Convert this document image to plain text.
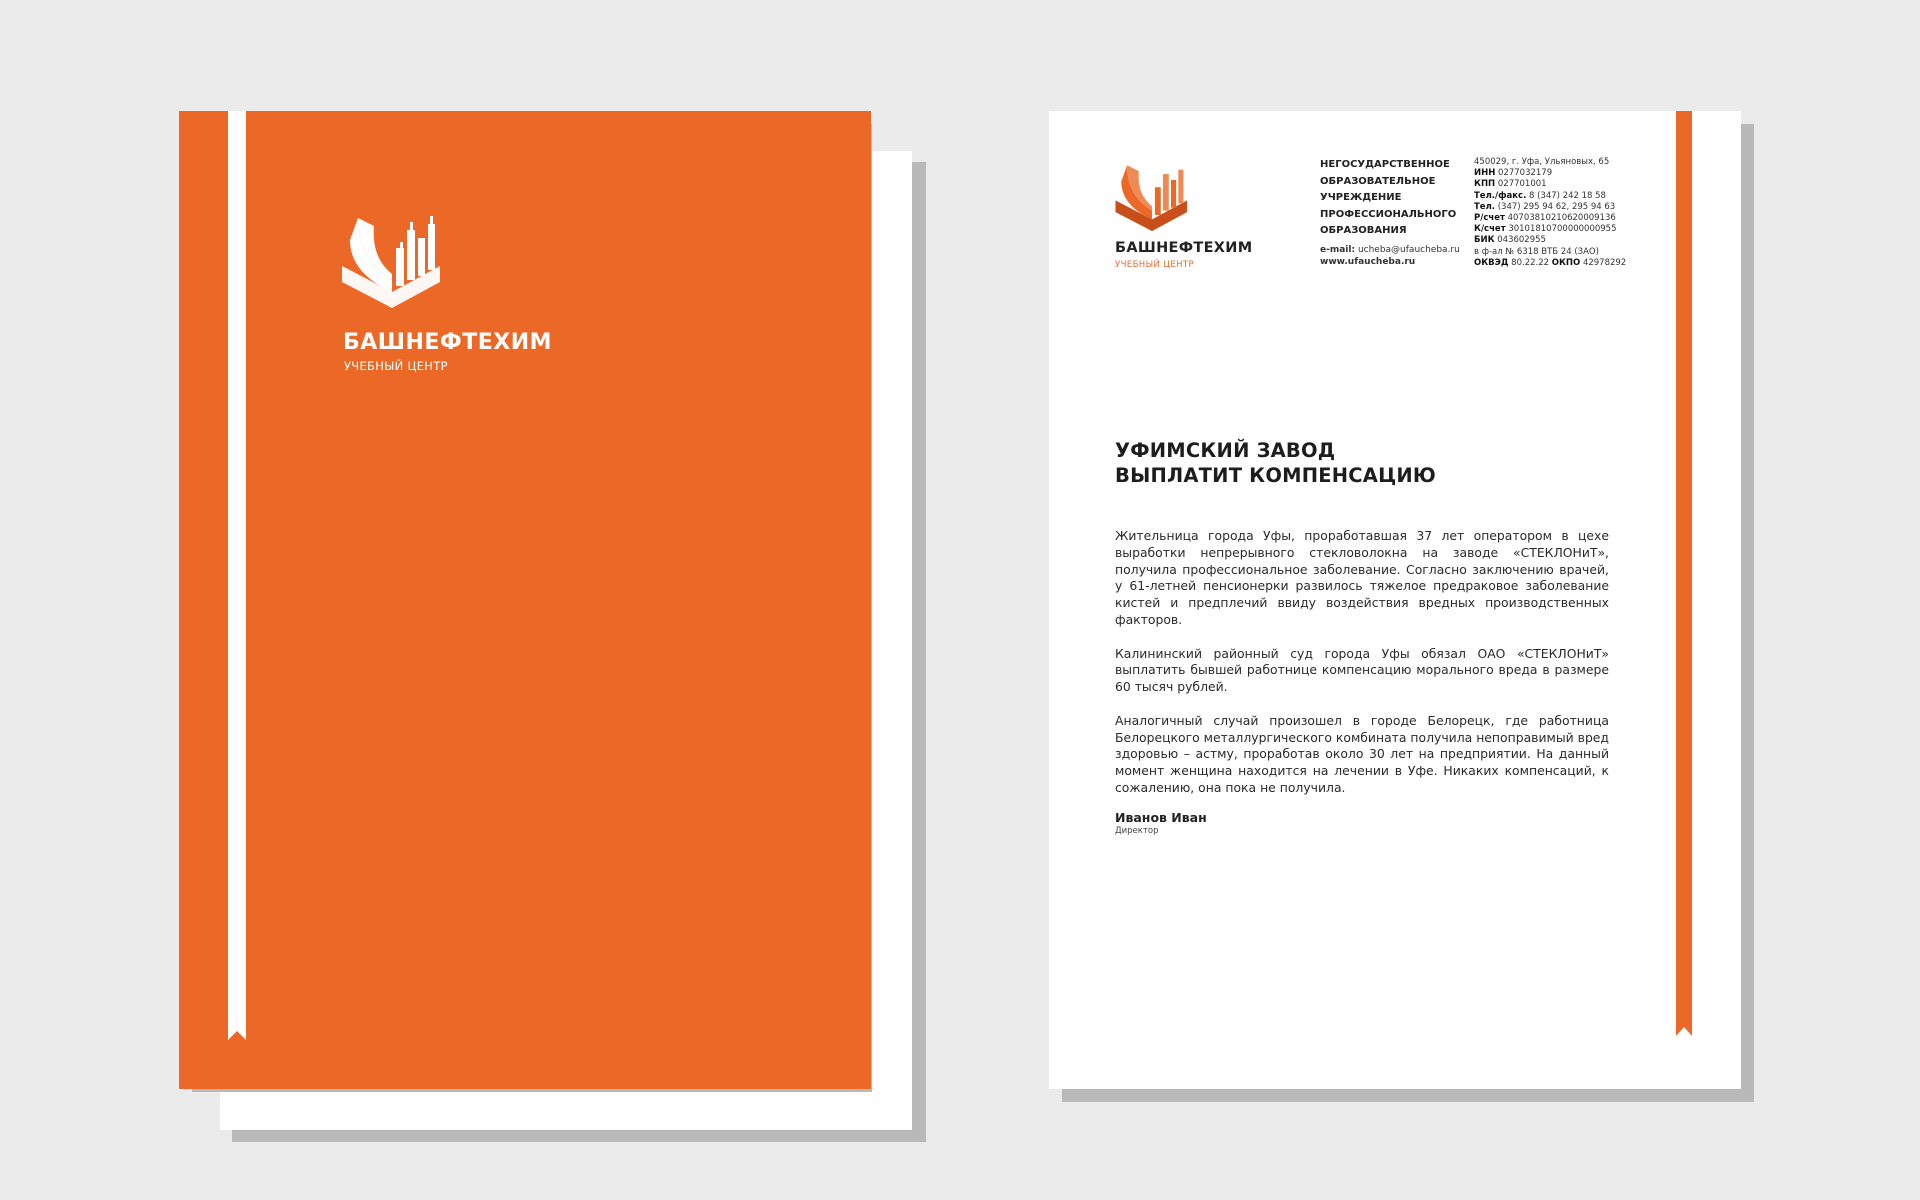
БАШНЕФТЕХИМ
УЧЕБНЫЙ ЦЕНТР
БАШНЕФТЕХИМ
УЧЕБНЫЙ ЦЕНТР
НЕГОСУДАРСТВЕННОЕ
ОБРАЗОВАТЕЛЬНОЕ
УЧРЕЖДЕНИЕ
ПРОФЕССИОНАЛЬНОГО
ОБРАЗОВАНИЯ
e-mail: ucheba@ufaucheba.ru
www.ufaucheba.ru
450029, г. Уфа, Ульяновых, 65
ИНН 0277032179
КПП 027701001
Тел./факс. 8 (347) 242 18 58
Тел. (347) 295 94 62, 295 94 63
Р/счет 40703810210620009136
К/счет 30101810700000000955
БИК 043602955
в ф-ал № 6318 ВТБ 24 (ЗАО)
ОКВЭД 80.22.22 ОКПО 42978292
УФИМСКИЙ ЗАВОД
ВЫПЛАТИТ КОМПЕНСАЦИЮ

Жительница города Уфы, проработавшая 37 лет оператором в цехе выработки непрерывного стекловолокна на заводе «СТЕКЛОНиТ», получила профессиональное заболевание. Согласно заключению врачей, у 61-летней пенсионерки развилось тяжелое предраковое заболевание кистей и предплечий ввиду воздействия вредных производственных факторов.

Калининский районный суд города Уфы обязал ОАО «СТЕКЛОНиТ» выплатить бывшей работнице компенсацию морального вреда в размере 60 тысяч рублей.

Аналогичный случай произошел в городе Белорецк, где работница Белорецкого металлургического комбината получила непоправимый вред здоровью – астму, проработав около 30 лет на предприятии. На данный момент женщина находится на лечении в Уфе. Никаких компенсаций, к сожалению, она пока не получила.

Иванов Иван
Директор
